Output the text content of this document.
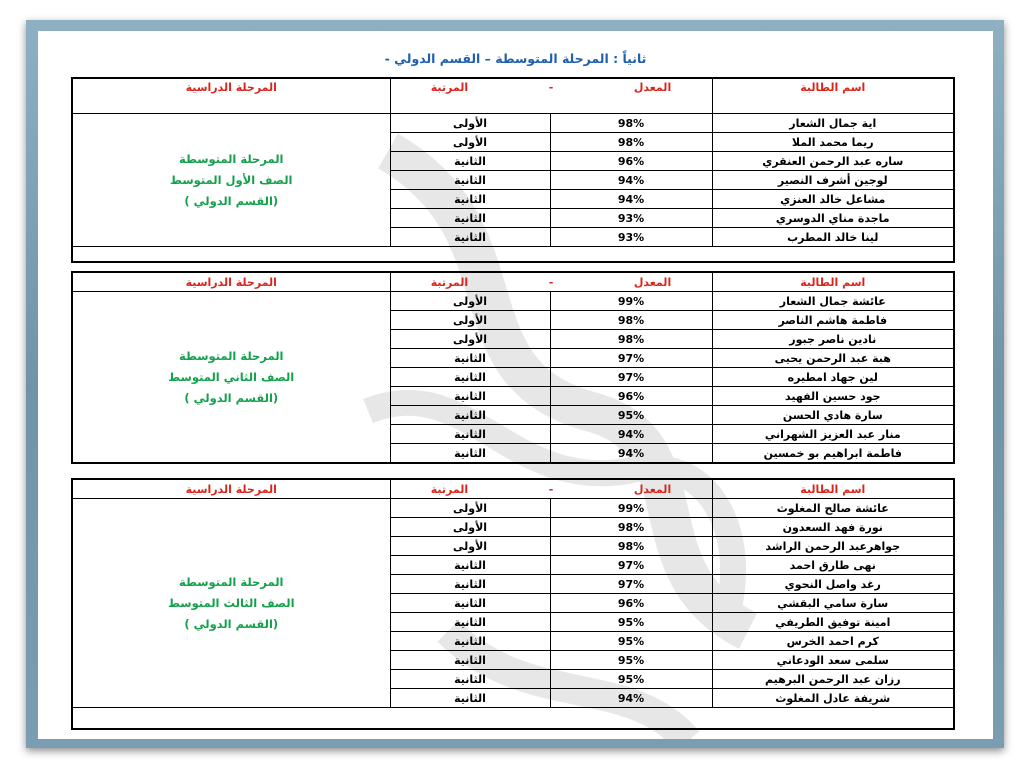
ثانياً : المرحلة المتوسطة – القسم الدولي -
المرحلة الدراسية	المرتبة - المعدل		اسم الطالبة

المرحلة المتوسطة
الصف الأول المتوسط
(القسم الدولي )	الأولى	98%	اية جمال الشعار
	الأولى	98%	ريما محمد الملا
	الثانية	96%	ساره عبد الرحمن العنقري
	الثانية	94%	لوجين أشرف النصير
	الثانية	94%	مشاعل خالد العنزي
	الثانية	93%	ماجدة مناي الدوسري
	الثانية	93%	لينا خالد المطرب

المرحلة الدراسية	المرتبة - المعدل		اسم الطالبة

المرحلة المتوسطة
الصف الثاني المتوسط
(القسم الدولي )	الأولى	99%	عائشة جمال الشعار
	الأولى	98%	فاطمة هاشم الناصر
	الأولى	98%	نادين ناصر جبور
	الثانية	97%	هبة عبد الرحمن يحيى
	الثانية	97%	لين جهاد امطيره
	الثانية	96%	جود حسين الفهيد
	الثانية	95%	سارة هادي الحسن
	الثانية	94%	منار عبد العزيز الشهراني
	الثانية	94%	فاطمة ابراهيم بو خمسين
المرحلة الدراسية	المرتبة - المعدل		اسم الطالبة

المرحلة المتوسطة
الصف الثالث المتوسط
(القسم الدولي )	الأولى	99%	عائشة صالح المغلوث
	الأولى	98%	نورة فهد السعدون
	الأولى	98%	جواهرعبد الرحمن الراشد
	الثانية	97%	نهى طارق احمد
	الثانية	97%	رغد واصل النحوي
	الثانية	96%	سارة سامي البقشي
	الثانية	95%	امينة توفيق الطريفي
	الثانية	95%	كرم احمد الخرس
	الثانية	95%	سلمى سعد الودعاني
	الثانية	95%	رزان عبد الرحمن البرهيم
	الثانية	94%	شريفة عادل المغلوث
